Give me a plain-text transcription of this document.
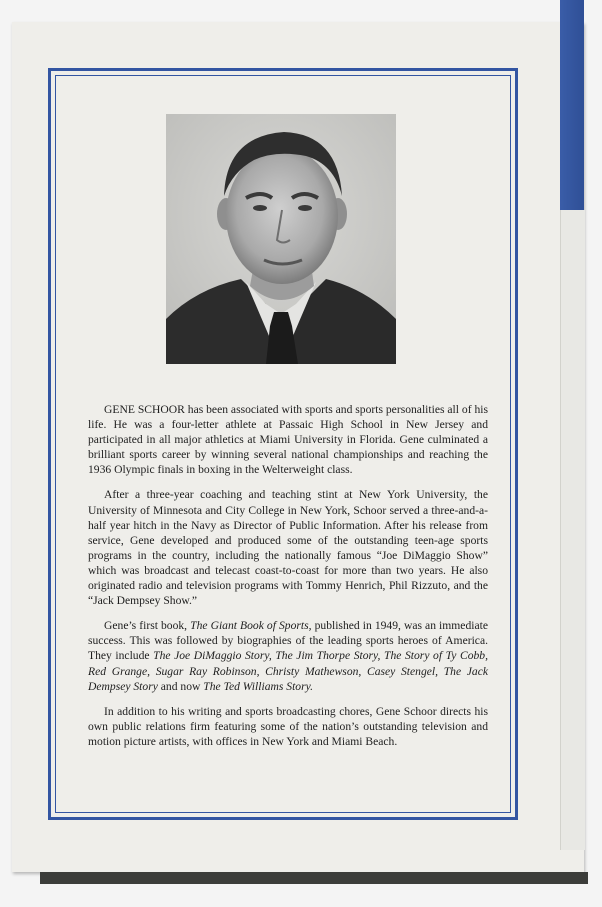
GENE SCHOOR has been associated with sports and sports personalities all of his life. He was a four-letter athlete at Passaic High School in New Jersey and participated in all major athletics at Miami University in Florida. Gene culminated a brilliant sports career by winning several national championships and reaching the 1936 Olympic finals in boxing in the Welterweight class.

After a three-year coaching and teaching stint at New York University, the University of Minnesota and City College in New York, Schoor served a three-and-a-half year hitch in the Navy as Director of Public Information. After his release from service, Gene developed and produced some of the outstanding teen-age sports programs in the country, including the nationally famous “Joe DiMaggio Show” which was broadcast and telecast coast-to-coast for more than two years. He also originated radio and television programs with Tommy Henrich, Phil Rizzuto, and the “Jack Dempsey Show.”

Gene’s first book, The Giant Book of Sports, published in 1949, was an immediate success. This was followed by biographies of the leading sports heroes of America. They include The Joe DiMaggio Story, The Jim Thorpe Story, The Story of Ty Cobb, Red Grange, Sugar Ray Robinson, Christy Mathewson, Casey Stengel, The Jack Dempsey Story and now The Ted Williams Story.

In addition to his writing and sports broadcasting chores, Gene Schoor directs his own public relations firm featuring some of the nation’s outstanding television and motion picture artists, with offices in New York and Miami Beach.
